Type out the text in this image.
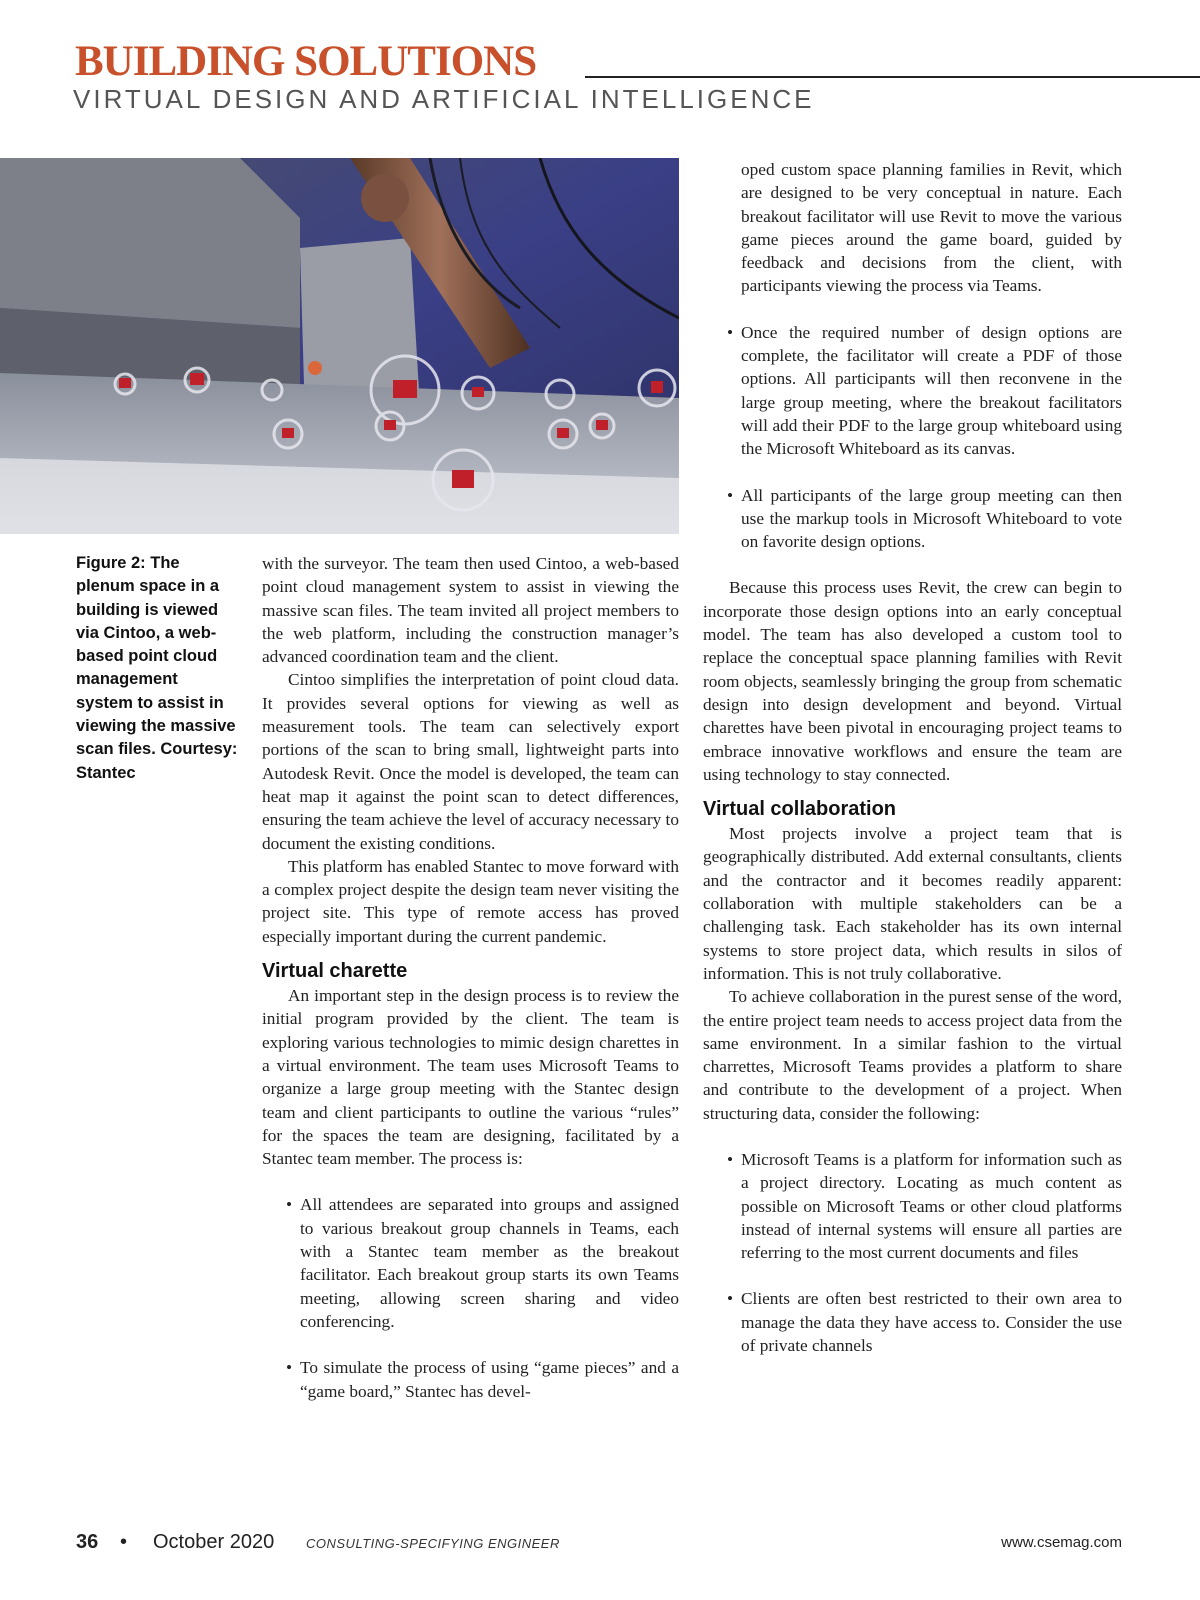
BUILDING SOLUTIONS
VIRTUAL DESIGN AND ARTIFICIAL INTELLIGENCE
Figure 2: The plenum space in a building is viewed via Cintoo, a web-based point cloud management system to assist in viewing the massive scan files. Courtesy: Stantec

with the surveyor. The team then used Cintoo, a web-based point cloud management system to assist in viewing the massive scan files. The team invited all project members to the web platform, including the construction manager’s advanced coordination team and the client.

Cintoo simplifies the interpretation of point cloud data. It provides several options for viewing as well as measurement tools. The team can selectively export portions of the scan to bring small, lightweight parts into Autodesk Revit. Once the model is developed, the team can heat map it against the point scan to detect differences, ensuring the team achieve the level of accuracy necessary to document the existing conditions.

This platform has enabled Stantec to move forward with a complex project despite the design team never visiting the project site. This type of remote access has proved especially important during the current pandemic.

Virtual charette

An important step in the design process is to review the initial program provided by the client. The team is exploring various technologies to mimic design charettes in a virtual environment. The team uses Microsoft Teams to organize a large group meeting with the Stantec design team and client participants to outline the various “rules” for the spaces the team are designing, facilitated by a Stantec team member. The process is:

• All attendees are separated into groups and assigned to various breakout group channels in Teams, each with a Stantec team member as the breakout facilitator. Each breakout group starts its own Teams meeting, allowing screen sharing and video conferencing.
• To simulate the process of using “game pieces” and a “game board,” Stantec has devel-
oped custom space planning families in Revit, which are designed to be very conceptual in nature. Each breakout facilitator will use Revit to move the various game pieces around the game board, guided by feedback and decisions from the client, with participants viewing the process via Teams.
• Once the required number of design options are complete, the facilitator will create a PDF of those options. All participants will then reconvene in the large group meeting, where the breakout facilitators will add their PDF to the large group whiteboard using the Microsoft Whiteboard as its canvas.
• All participants of the large group meeting can then use the markup tools in Microsoft Whiteboard to vote on favorite design options.

Because this process uses Revit, the crew can begin to incorporate those design options into an early conceptual model. The team has also developed a custom tool to replace the conceptual space planning families with Revit room objects, seamlessly bringing the group from schematic design into design development and beyond. Virtual charettes have been pivotal in encouraging project teams to embrace innovative workflows and ensure the team are using technology to stay connected.

Virtual collaboration

Most projects involve a project team that is geographically distributed. Add external consultants, clients and the contractor and it becomes readily apparent: collaboration with multiple stakeholders can be a challenging task. Each stakeholder has its own internal systems to store project data, which results in silos of information. This is not truly collaborative.

To achieve collaboration in the purest sense of the word, the entire project team needs to access project data from the same environment. In a similar fashion to the virtual charrettes, Microsoft Teams provides a platform to share and contribute to the development of a project. When structuring data, consider the following:

• Microsoft Teams is a platform for information such as a project directory. Locating as much content as possible on Microsoft Teams or other cloud platforms instead of internal systems will ensure all parties are referring to the most current documents and files
• Clients are often best restricted to their own area to manage the data they have access to. Consider the use of private channels
36 • October 2020 CONSULTING-SPECIFYING ENGINEER	www.csemag.com
